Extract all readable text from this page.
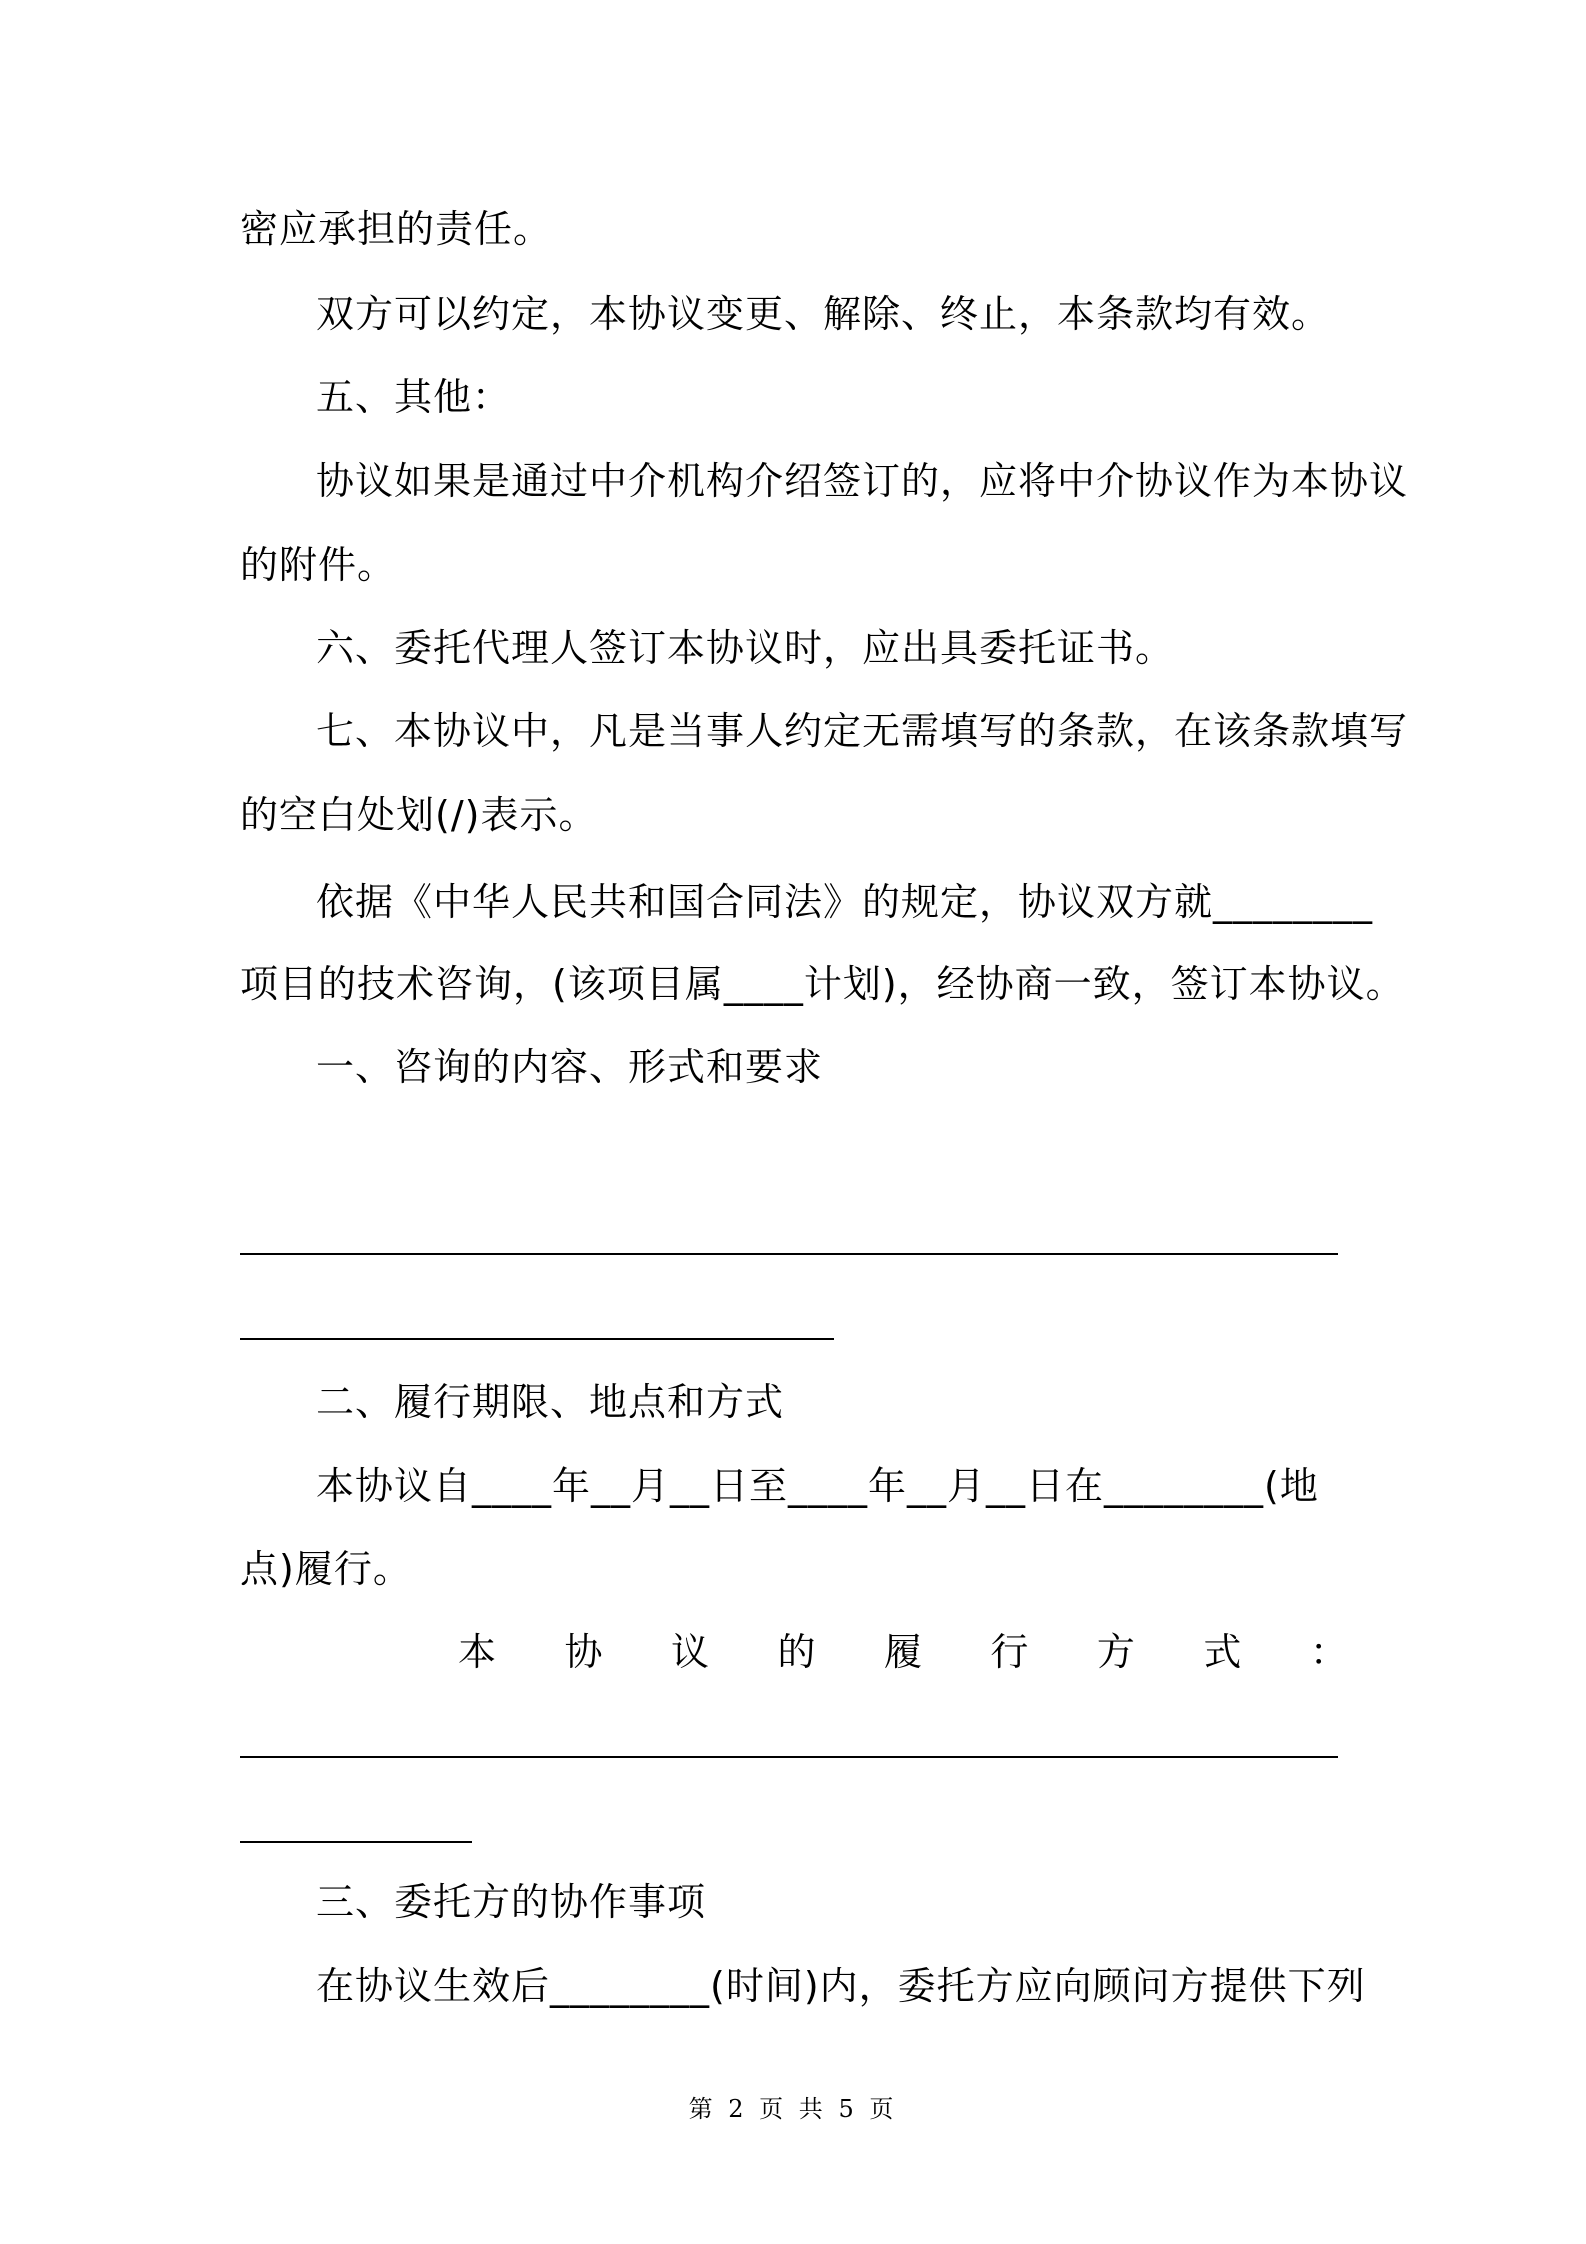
密应承担的责任。
双方可以约定，本协议变更、解除、终止，本条款均有效。
五、其他：
协议如果是通过中介机构介绍签订的，应将中介协议作为本协议
的附件。
六、委托代理人签订本协议时，应出具委托证书。
七、本协议中，凡是当事人约定无需填写的条款，在该条款填写
的空白处划(/)表示。
依据《中华人民共和国合同法》的规定，协议双方就________
项目的技术咨询，(该项目属____计划)，经协商一致，签订本协议。
一、咨询的内容、形式和要求
二、履行期限、地点和方式
本协议自____年__月__日至____年__月__日在________(地
点)履行。
本 协 议 的 履 行 方 式 ：
三、委托方的协作事项
在协议生效后________(时间)内，委托方应向顾问方提供下列
第 2 页 共 5 页
